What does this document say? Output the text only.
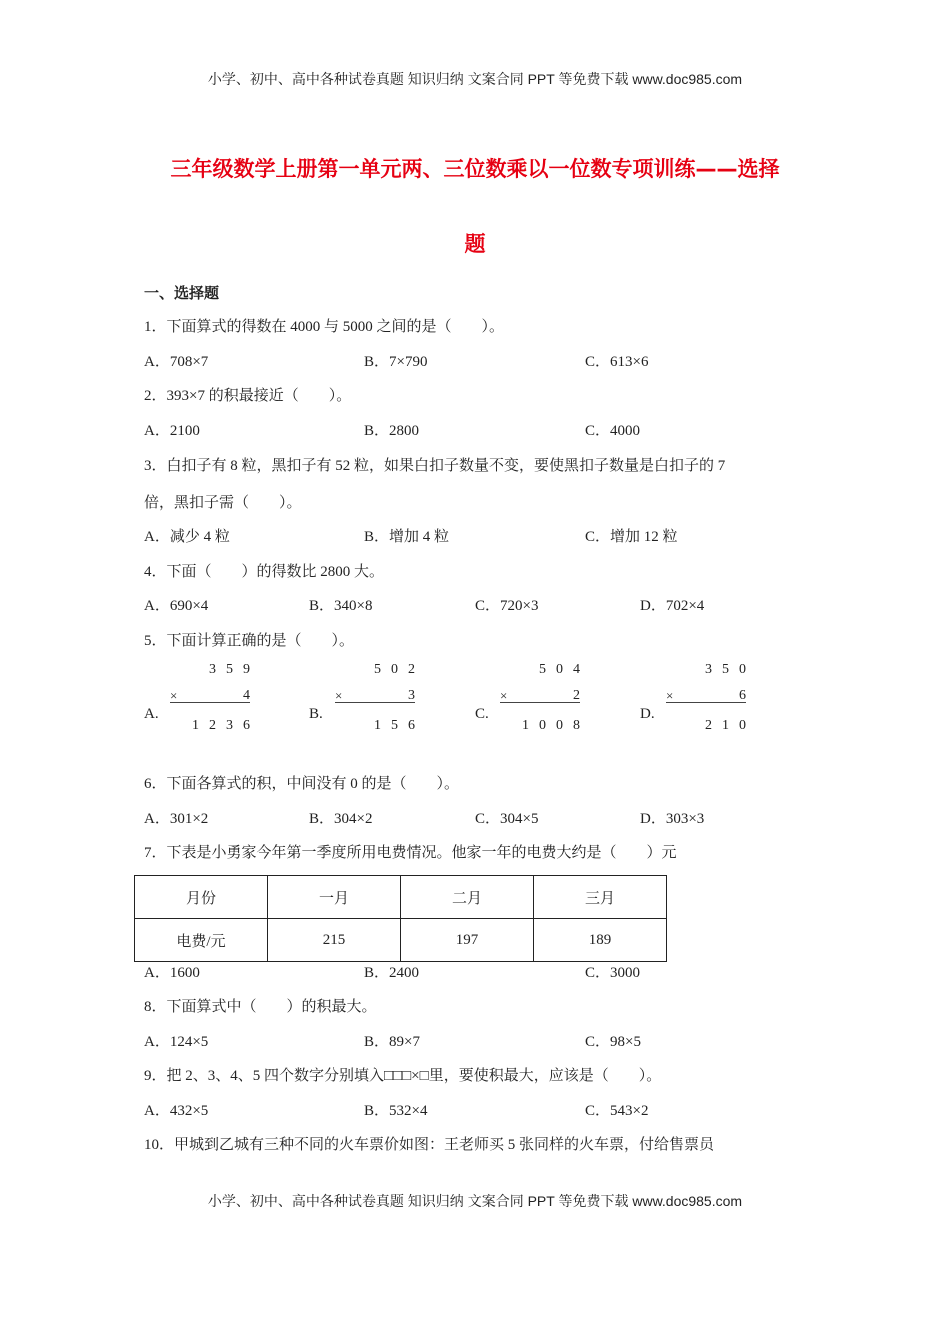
小学、初中、高中各种试卷真题 知识归纳 文案合同 PPT 等免费下载 www.doc985.com
三年级数学上册第一单元两、三位数乘以一位数专项训练——选择
题
一、选择题
1．下面算式的得数在 4000 与 5000 之间的是（　　）。
A．708×7	B．7×790	C．613×6
2．393×7 的积最接近（　　）。
A．2100	B．2800	C．4000
3．白扣子有 8 粒，黑扣子有 52 粒，如果白扣子数量不变，要使黑扣子数量是白扣子的 7
倍，黑扣子需（　　）。
A．减少 4 粒	B．增加 4 粒	C．增加 12 粒
4．下面（　　）的得数比 2800 大。
A．690×4	B．340×8	C．720×3	D．702×4
5．下面计算正确的是（　　）。
A.
359
×	4
1236
B.
502
×	3
156
C.
504
×	2
1008
D.
350
×	6
210
6．下面各算式的积，中间没有 0 的是（　　）。
A．301×2	B．304×2	C．304×5	D．303×3
7．下表是小勇家今年第一季度所用电费情况。他家一年的电费大约是（　　）元
月份	一月	二月	三月
电费/元	215	197	189
A．1600	B．2400	C．3000
8．下面算式中（　　）的积最大。
A．124×5	B．89×7	C．98×5
9．把 2、3、4、5 四个数字分别填入□□□×□里，要使积最大，应该是（　　）。
A．432×5	B．532×4	C．543×2
10．甲城到乙城有三种不同的火车票价如图：王老师买 5 张同样的火车票，付给售票员
小学、初中、高中各种试卷真题 知识归纳 文案合同 PPT 等免费下载 www.doc985.com
